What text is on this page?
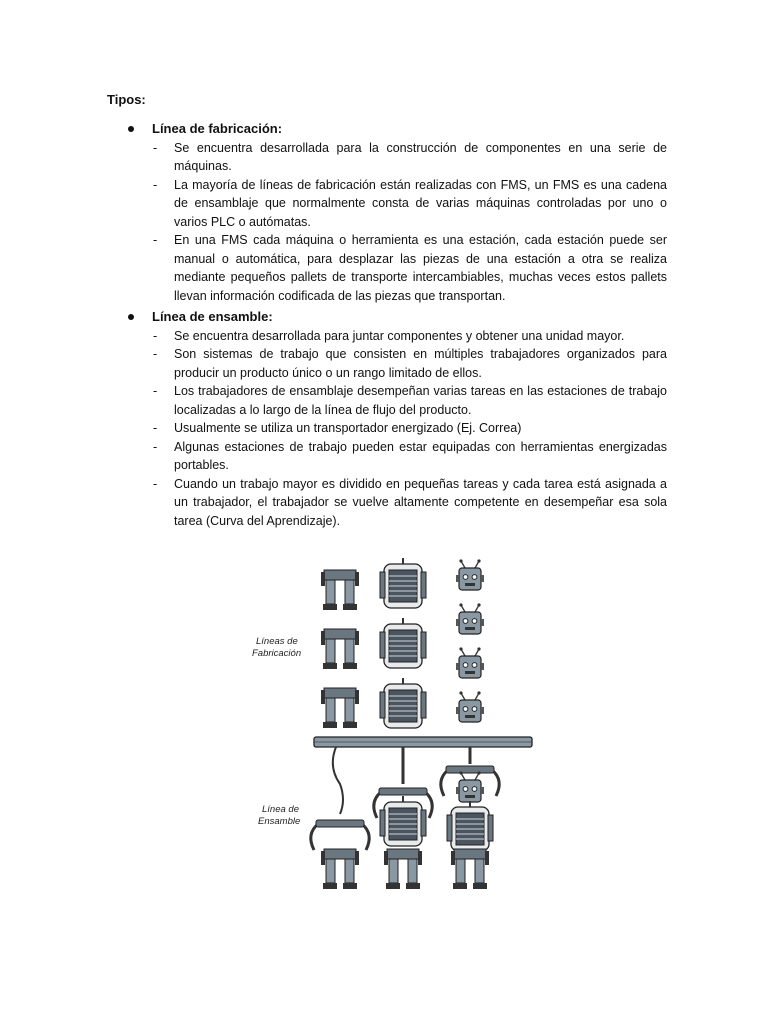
Tipos:

Línea de fabricación:

- Se encuentra desarrollada para la construcción de componentes en una serie de máquinas.
- La mayoría de líneas de fabricación están realizadas con FMS, un FMS es una cadena de ensamblaje que normalmente consta de varias máquinas controladas por uno o varios PLC o autómatas.
- En una FMS cada máquina o herramienta es una estación, cada estación puede ser manual o automática, para desplazar las piezas de una estación a otra se realiza mediante pequeños pallets de transporte intercambiables, muchas veces estos pallets llevan información codificada de las piezas que transportan.

Línea de ensamble:

- Se encuentra desarrollada para juntar componentes y obtener una unidad mayor.
- Son sistemas de trabajo que consisten en múltiples trabajadores organizados para producir un producto único o un rango limitado de ellos.
- Los trabajadores de ensamblaje desempeñan varias tareas en las estaciones de trabajo localizadas a lo largo de la línea de flujo del producto.
- Usualmente se utiliza un transportador energizado (Ej. Correa)
- Algunas estaciones de trabajo pueden estar equipadas con herramientas energizadas portables.
- Cuando un trabajo mayor es dividido en pequeñas tareas y cada tarea está asignada a un trabajador, el trabajador se vuelve altamente competente en desempeñar esa sola tarea (Curva del Aprendizaje).
Líneas de
Fabricación
Línea de
Ensamble
